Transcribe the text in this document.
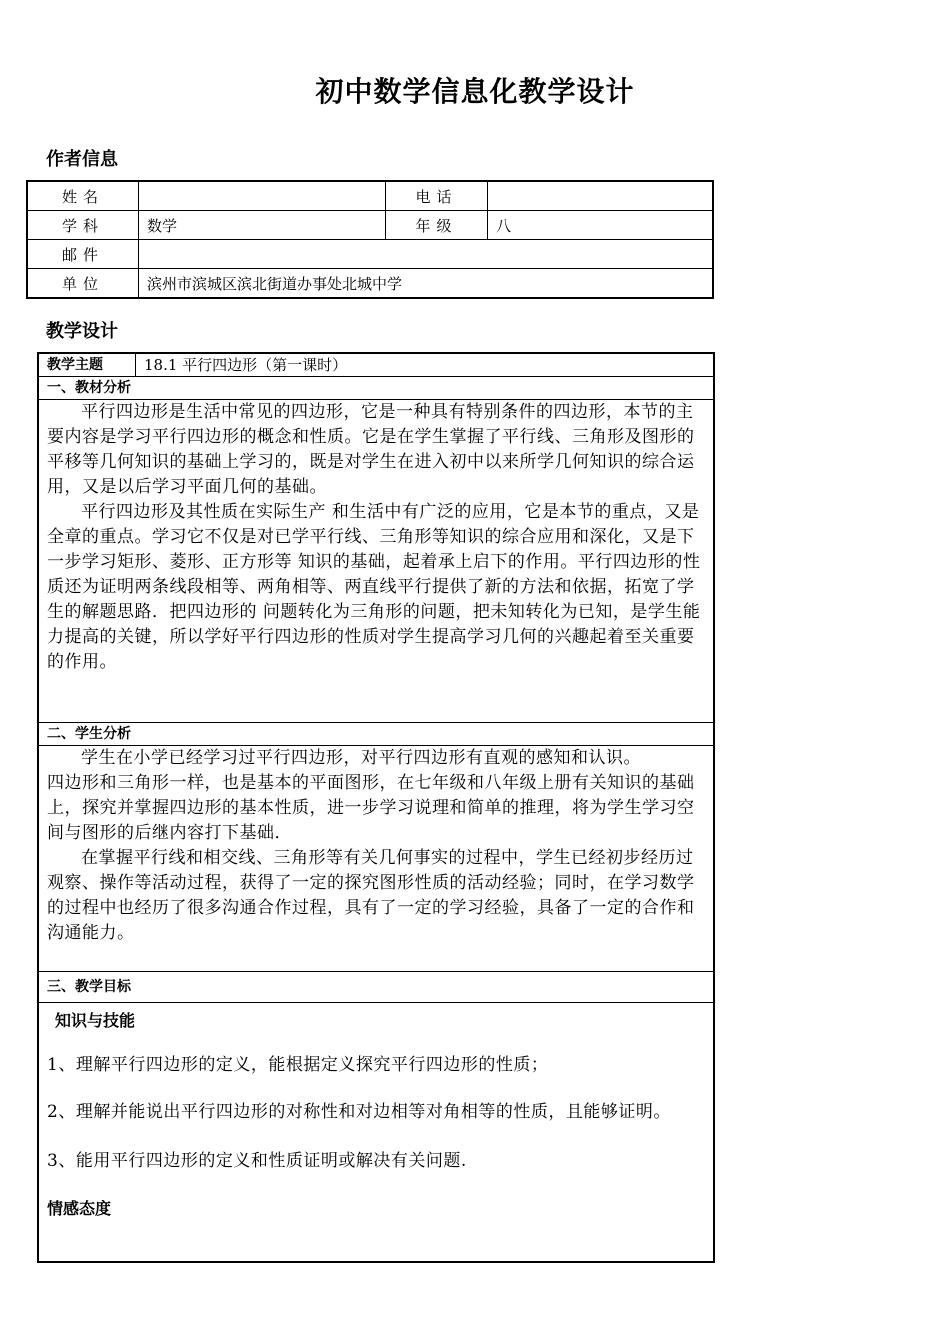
初中数学信息化教学设计
作者信息
姓名		电话	
学科	数学	年级	八
邮件			
单位	滨州市滨城区滨北街道办事处北城中学		
教学设计
教学主题	18.1 平行四边形（第一课时）
一、教材分析

平行四边形是生活中常见的四边形，它是一种具有特别条件的四边形，本节的主要内容是学习平行四边形的概念和性质。它是在学生掌握了平行线、三角形及图形的平移等几何知识的基础上学习的，既是对学生在进入初中以来所学几何知识的综合运用，又是以后学习平面几何的基础。

平行四边形及其性质在实际生产 和生活中有广泛的应用，它是本节的重点，又是全章的重点。学习它不仅是对已学平行线、三角形等知识的综合应用和深化，又是下一步学习矩形、菱形、正方形等 知识的基础，起着承上启下的作用。平行四边形的性质还为证明两条线段相等、两角相等、两直线平行提供了新的方法和依据，拓宽了学生的解题思路．把四边形的 问题转化为三角形的问题，把未知转化为已知，是学生能力提高的关键，所以学好平行四边形的性质对学生提高学习几何的兴趣起着至关重要的作用。

二、学生分析

学生在小学已经学习过平行四边形，对平行四边形有直观的感知和认识。

四边形和三角形一样，也是基本的平面图形，在七年级和八年级上册有关知识的基础上，探究并掌握四边形的基本性质，进一步学习说理和简单的推理，将为学生学习空间与图形的后继内容打下基础．

在掌握平行线和相交线、三角形等有关几何事实的过程中，学生已经初步经历过观察、操作等活动过程，获得了一定的探究图形性质的活动经验；同时，在学习数学的过程中也经历了很多沟通合作过程，具有了一定的学习经验，具备了一定的合作和沟通能力。

三、教学目标

知识与技能

1、理解平行四边形的定义，能根据定义探究平行四边形的性质；

2、理解并能说出平行四边形的对称性和对边相等对角相等的性质，且能够证明。

3、能用平行四边形的定义和性质证明或解决有关问题.

情感态度
